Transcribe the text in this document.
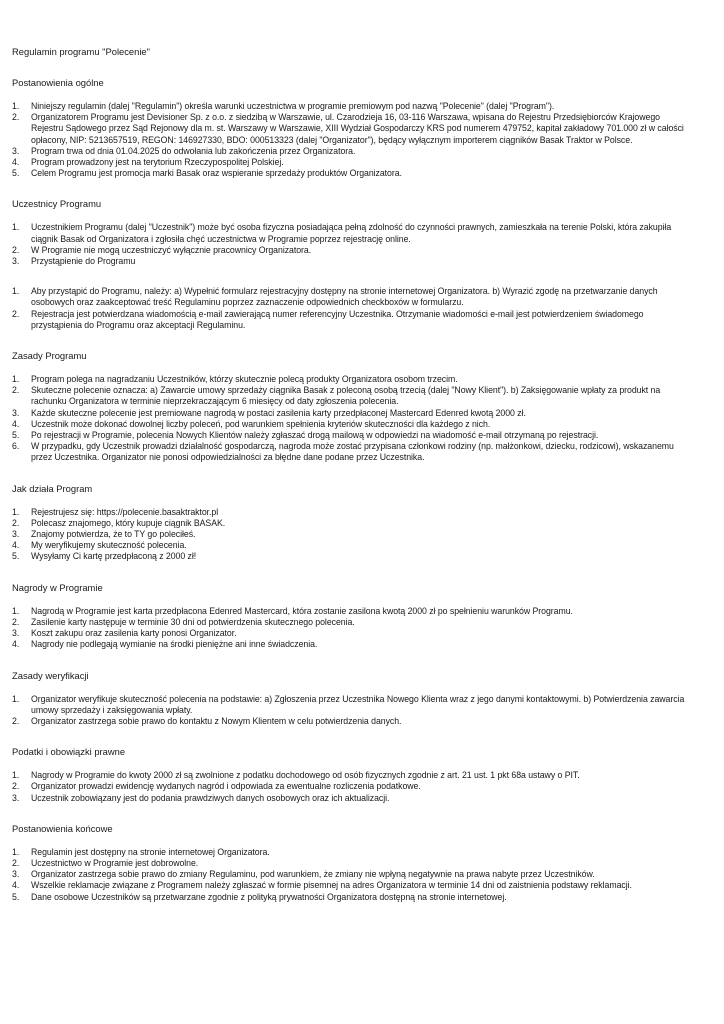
Regulamin programu "Polecenie"
Postanowienia ogólne
1. Niniejszy regulamin (dalej "Regulamin") określa warunki uczestnictwa w programie premiowym pod nazwą "Polecenie" (dalej "Program").
2. Organizatorem Programu jest Devisioner Sp. z o.o. z siedzibą w Warszawie, ul. Czarodzieja 16, 03-116 Warszawa, wpisana do Rejestru Przedsiębiorców Krajowego Rejestru Sądowego przez Sąd Rejonowy dla m. st. Warszawy w Warszawie, XIII Wydział Gospodarczy KRS pod numerem 479752, kapitał zakładowy 701.000 zł w całości opłacony, NIP: 5213657519, REGON: 146927330, BDO: 000513323 (dalej "Organizator"), będący wyłącznym importerem ciągników Basak Traktor w Polsce.
3. Program trwa od dnia 01.04.2025 do odwołania lub zakończenia przez Organizatora.
4. Program prowadzony jest na terytorium Rzeczypospolitej Polskiej.
5. Celem Programu jest promocja marki Basak oraz wspieranie sprzedaży produktów Organizatora.
Uczestnicy Programu
1. Uczestnikiem Programu (dalej "Uczestnik") może być osoba fizyczna posiadająca pełną zdolność do czynności prawnych, zamieszkała na terenie Polski, która zakupiła ciągnik Basak od Organizatora i zgłosiła chęć uczestnictwa w Programie poprzez rejestrację online.
2. W Programie nie mogą uczestniczyć wyłącznie pracownicy Organizatora.
3. Przystąpienie do Programu
1. Aby przystąpić do Programu, należy: a) Wypełnić formularz rejestracyjny dostępny na stronie internetowej Organizatora. b) Wyrazić zgodę na przetwarzanie danych osobowych oraz zaakceptować treść Regulaminu poprzez zaznaczenie odpowiednich checkboxów w formularzu.
2. Rejestracja jest potwierdzana wiadomością e-mail zawierającą numer referencyjny Uczestnika. Otrzymanie wiadomości e-mail jest potwierdzeniem świadomego przystąpienia do Programu oraz akceptacji Regulaminu.
Zasady Programu
1. Program polega na nagradzaniu Uczestników, którzy skutecznie polecą produkty Organizatora osobom trzecim.
2. Skuteczne polecenie oznacza: a) Zawarcie umowy sprzedaży ciągnika Basak z poleconą osobą trzecią (dalej "Nowy Klient"). b) Zaksięgowanie wpłaty za produkt na rachunku Organizatora w terminie nieprzekraczającym 6 miesięcy od daty zgłoszenia polecenia.
3. Każde skuteczne polecenie jest premiowane nagrodą w postaci zasilenia karty przedpłaconej Mastercard Edenred kwotą 2000 zł.
4. Uczestnik może dokonać dowolnej liczby poleceń, pod warunkiem spełnienia kryteriów skuteczności dla każdego z nich.
5. Po rejestracji w Programie, polecenia Nowych Klientów należy zgłaszać drogą mailową w odpowiedzi na wiadomość e-mail otrzymaną po rejestracji.
6. W przypadku, gdy Uczestnik prowadzi działalność gospodarczą, nagroda może zostać przypisana członkowi rodziny (np. małżonkowi, dziecku, rodzicowi), wskazanemu przez Uczestnika. Organizator nie ponosi odpowiedzialności za błędne dane podane przez Uczestnika.
Jak działa Program
1. Rejestrujesz się: https://polecenie.basaktraktor.pl
2. Polecasz znajomego, który kupuje ciągnik BASAK.
3. Znajomy potwierdza, że to TY go poleciłeś.
4. My weryfikujemy skuteczność polecenia.
5. Wysyłamy Ci kartę przedpłaconą z 2000 zł!
Nagrody w Programie
1. Nagrodą w Programie jest karta przedpłacona Edenred Mastercard, która zostanie zasilona kwotą 2000 zł po spełnieniu warunków Programu.
2. Zasilenie karty następuje w terminie 30 dni od potwierdzenia skutecznego polecenia.
3. Koszt zakupu oraz zasilenia karty ponosi Organizator.
4. Nagrody nie podlegają wymianie na środki pieniężne ani inne świadczenia.
Zasady weryfikacji
1. Organizator weryfikuje skuteczność polecenia na podstawie: a) Zgłoszenia przez Uczestnika Nowego Klienta wraz z jego danymi kontaktowymi. b) Potwierdzenia zawarcia umowy sprzedaży i zaksięgowania wpłaty.
2. Organizator zastrzega sobie prawo do kontaktu z Nowym Klientem w celu potwierdzenia danych.
Podatki i obowiązki prawne
1. Nagrody w Programie do kwoty 2000 zł są zwolnione z podatku dochodowego od osób fizycznych zgodnie z art. 21 ust. 1 pkt 68a ustawy o PIT.
2. Organizator prowadzi ewidencję wydanych nagród i odpowiada za ewentualne rozliczenia podatkowe.
3. Uczestnik zobowiązany jest do podania prawdziwych danych osobowych oraz ich aktualizacji.
Postanowienia końcowe
1. Regulamin jest dostępny na stronie internetowej Organizatora.
2. Uczestnictwo w Programie jest dobrowolne.
3. Organizator zastrzega sobie prawo do zmiany Regulaminu, pod warunkiem, że zmiany nie wpłyną negatywnie na prawa nabyte przez Uczestników.
4. Wszelkie reklamacje związane z Programem należy zgłaszać w formie pisemnej na adres Organizatora w terminie 14 dni od zaistnienia podstawy reklamacji.
5. Dane osobowe Uczestników są przetwarzane zgodnie z polityką prywatności Organizatora dostępną na stronie internetowej.
